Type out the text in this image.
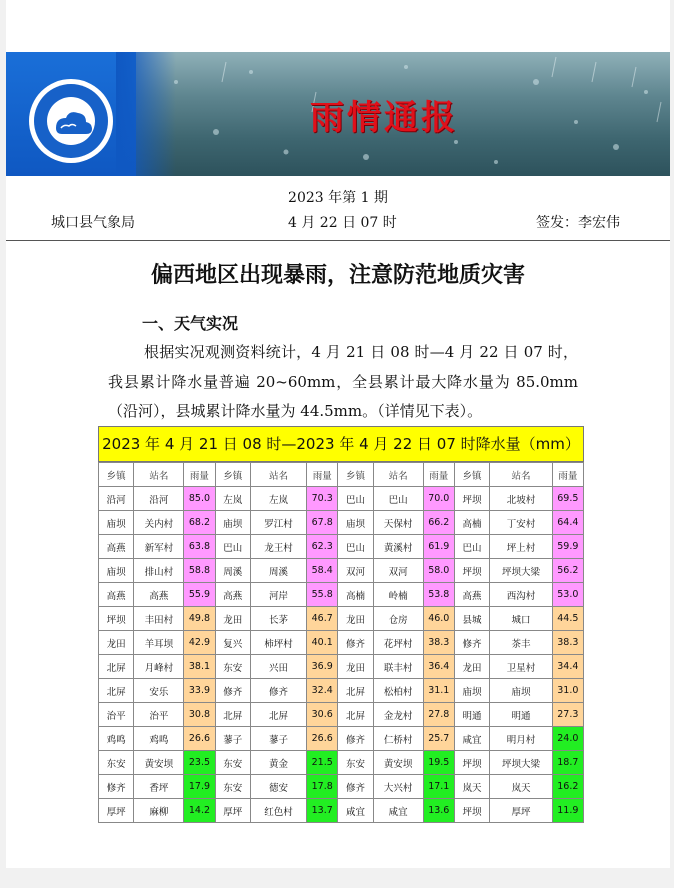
雨情通报
2023 年第 1 期
城口县气象局	4 月 22 日 07 时	签发：李宏伟
偏西地区出现暴雨，注意防范地质灾害
一、天气实况
根据实况观测资料统计，4 月 21 日 08 时—4 月 22 日 07 时，我县累计降水量普遍 20~60mm，全县累计最大降水量为 85.0mm（沿河），县城累计降水量为 44.5mm。（详情见下表）。
2023 年 4 月 21 日 08 时—2023 年 4 月 22 日 07 时降水量（mm）
乡镇	站名	雨量	乡镇	站名	雨量	乡镇	站名	雨量	乡镇	站名	雨量
沿河	沿河	85.0	左岚	左岚	70.3	巴山	巴山	70.0	坪坝	北坡村	69.5
庙坝	关内村	68.2	庙坝	罗江村	67.8	庙坝	天保村	66.2	高楠	丁安村	64.4
高燕	新军村	63.8	巴山	龙王村	62.3	巴山	黄溪村	61.9	巴山	坪上村	59.9
庙坝	排山村	58.8	周溪	周溪	58.4	双河	双河	58.0	坪坝	坪坝大梁	56.2
高燕	高燕	55.9	高燕	河岸	55.8	高楠	岭楠	53.8	高燕	西沟村	53.0
坪坝	丰田村	49.8	龙田	长茅	46.7	龙田	仓房	46.0	县城	城口	44.5
龙田	羊耳坝	42.9	复兴	柿坪村	40.1	修齐	花坪村	38.3	修齐	茶丰	38.3
北屏	月峰村	38.1	东安	兴田	36.9	龙田	联丰村	36.4	龙田	卫星村	34.4
北屏	安乐	33.9	修齐	修齐	32.4	北屏	松柏村	31.1	庙坝	庙坝	31.0
治平	治平	30.8	北屏	北屏	30.6	北屏	金龙村	27.8	明通	明通	27.3
鸡鸣	鸡鸣	26.6	蓼子	蓼子	26.6	修齐	仁桥村	25.7	咸宜	明月村	24.0
东安	黄安坝	23.5	东安	黄金	21.5	东安	黄安坝	19.5	坪坝	坪坝大梁	18.7
修齐	香坪	17.9	东安	德安	17.8	修齐	大兴村	17.1	岚天	岚天	16.2
厚坪	麻柳	14.2	厚坪	红色村	13.7	咸宜	咸宜	13.6	坪坝	厚坪	11.9
